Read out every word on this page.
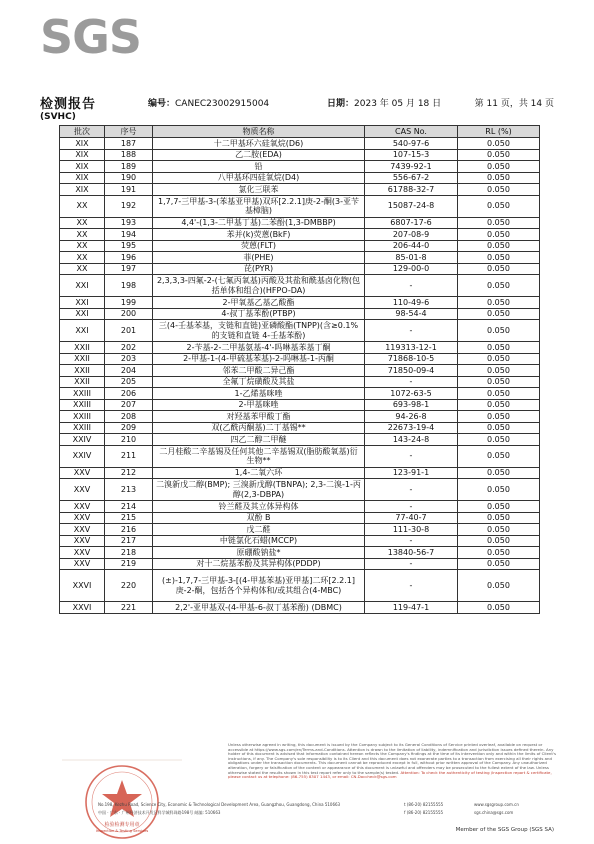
SGS
检测报告	编号：CANEC23002915004	日期：2023 年 05 月 18 日	第 11 页，共 14 页
(SVHC)
批次	序号	物质名称	CAS No.	RL (%)
XIX	187	十二甲基环六硅氧烷(D6)	540-97-6	0.050
XIX	188	乙二胺(EDA)	107-15-3	0.050
XIX	189	铅	7439-92-1	0.050
XIX	190	八甲基环四硅氧烷(D4)	556-67-2	0.050
XIX	191	氯化三联苯	61788-32-7	0.050
XX	192	1,7,7-三甲基-3-(苯基亚甲基)双环[2.2.1]庚-2-酮(3-亚苄基樟脑)	15087-24-8	0.050
XX	193	4,4'-(1,3-二甲基丁基)二苯酚(1,3-DMBBP)	6807-17-6	0.050
XX	194	苯并(k)荧蒽(BkF)	207-08-9	0.050
XX	195	荧蒽(FLT)	206-44-0	0.050
XX	196	菲(PHE)	85-01-8	0.050
XX	197	芘(PYR)	129-00-0	0.050
XXI	198	2,3,3,3-四氟-2-(七氟丙氧基)丙酸及其盐和酰基卤化物(包括单体和组合)(HFPO-DA)	-	0.050
XXI	199	2-甲氧基乙基乙酸酯	110-49-6	0.050
XXI	200	4-叔丁基苯酚(PTBP)	98-54-4	0.050
XXI	201	三(4-壬基苯基，支链和直链)亚磷酸酯(TNPP)(含≥0.1%的支链和直链 4-壬基苯酚)	-	0.050
XXII	202	2-苄基-2-二甲基氨基-4'-吗啉基苯基丁酮	119313-12-1	0.050
XXII	203	2-甲基-1-(4-甲硫基苯基)-2-吗啉基-1-丙酮	71868-10-5	0.050
XXII	204	邻苯二甲酸二异己酯	71850-09-4	0.050
XXII	205	全氟丁烷磺酸及其盐	-	0.050
XXIII	206	1-乙烯基咪唑	1072-63-5	0.050
XXIII	207	2-甲基咪唑	693-98-1	0.050
XXIII	208	对羟基苯甲酸丁酯	94-26-8	0.050
XXIII	209	双(乙酰丙酮基)二丁基锡**	22673-19-4	0.050
XXIV	210	四乙二醇二甲醚	143-24-8	0.050
XXIV	211	二月桂酸二辛基锡及任何其他二辛基锡双(脂肪酸氧基)衍生物**	-	0.050
XXV	212	1,4-二氧六环	123-91-1	0.050
XXV	213	二溴新戊二醇(BMP); 三溴新戊醇(TBNPA); 2,3-二溴-1-丙醇(2,3-DBPA)	-	0.050
XXV	214	铃兰醛及其立体异构体	-	0.050
XXV	215	双酚 B	77-40-7	0.050
XXV	216	戊二醛	111-30-8	0.050
XXV	217	中链氯化石蜡(MCCP)	-	0.050
XXV	218	原硼酸钠盐*	13840-56-7	0.050
XXV	219	对十二烷基苯酚及其异构体(PDDP)	-	0.050
XXVI	220	(±)-1,7,7-三甲基-3-[(4-甲基苯基)亚甲基]二环[2.2.1]庚-2-酮，包括各个异构体和/或其组合(4-MBC)	-	0.050
XXVI	221	2,2'-亚甲基双-(4-甲基-6-叔丁基苯酚) (DBMC)	119-47-1	0.050
检验检测专用章
Inspection & Testing Services
Unless otherwise agreed in writing, this document is issued by the Company subject to its General Conditions of Service printed overleaf, available on request or accessible at https://www.sgs.com/en/Terms-and-Conditions. Attention is drawn to the limitation of liability, indemnification and jurisdiction issues defined therein. Any holder of this document is advised that information contained hereon reflects the Company's findings at the time of its intervention only and within the limits of Client's instructions, if any. The Company's sole responsibility is to its Client and this document does not exonerate parties to a transaction from exercising all their rights and obligations under the transaction documents. This document cannot be reproduced except in full, without prior written approval of the Company. Any unauthorized alteration, forgery or falsification of the content or appearance of this document is unlawful and offenders may be prosecuted to the fullest extent of the law. Unless otherwise stated the results shown in this test report refer only to the sample(s) tested. Attention: To check the authenticity of testing /inspection report & certificate, please contact us at telephone: (86-755) 8307 1443, or email: CN.Doccheck@sgs.com
No.198, Kezhu Road, Science City, Economic & Technological Development Area, Guangzhou, Guangdong, China 510663
中国 · 广东 · 广州经济技术开发区科学城科珠路198号 邮编: 510663
t (86-20) 82155555
f (86-20) 82155555
www.sgsgroup.com.cn
sgs.china@sgs.com
Member of the SGS Group (SGS SA)
